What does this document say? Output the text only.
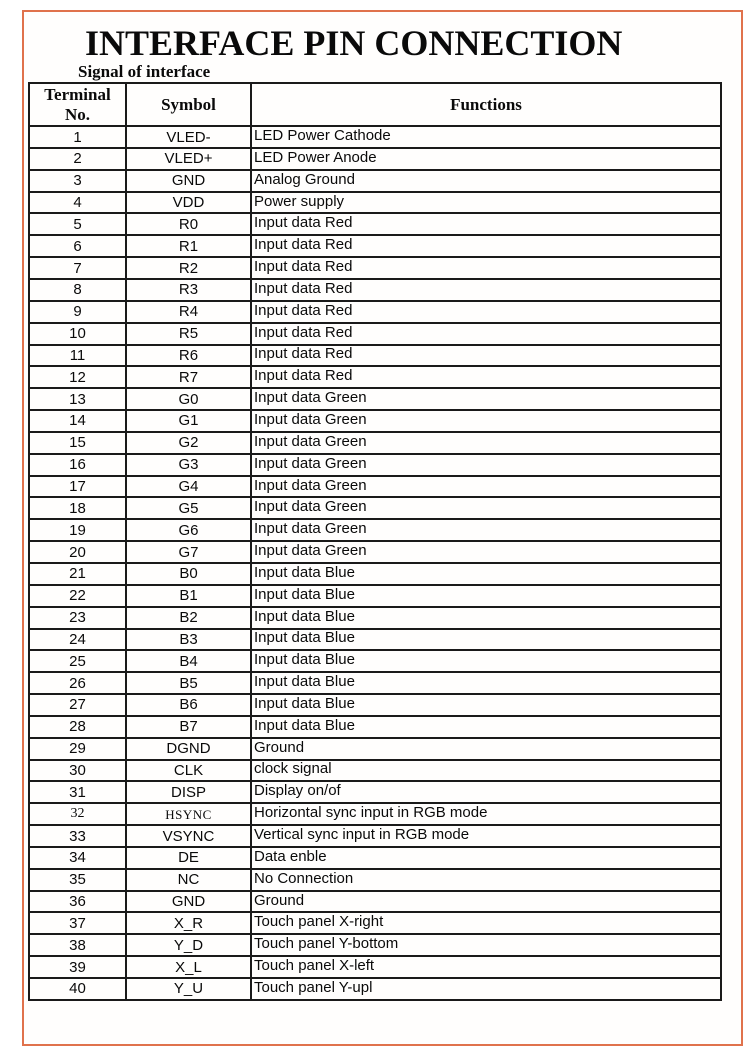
INTERFACE PIN CONNECTION
Signal of interface
Terminal No.	Symbol	Functions
1	VLED-	LED Power Cathode
2	VLED+	LED Power Anode
3	GND	Analog Ground
4	VDD	Power supply
5	R0	Input data Red
6	R1	Input data Red
7	R2	Input data Red
8	R3	Input data Red
9	R4	Input data Red
10	R5	Input data Red
11	R6	Input data Red
12	R7	Input data Red
13	G0	Input data Green
14	G1	Input data Green
15	G2	Input data Green
16	G3	Input data Green
17	G4	Input data Green
18	G5	Input data Green
19	G6	Input data Green
20	G7	Input data Green
21	B0	Input data Blue
22	B1	Input data Blue
23	B2	Input data Blue
24	B3	Input data Blue
25	B4	Input data Blue
26	B5	Input data Blue
27	B6	Input data Blue
28	B7	Input data Blue
29	DGND	Ground
30	CLK	clock signal
31	DISP	Display on/of
32	HSYNC	Horizontal sync input in RGB mode
33	VSYNC	Vertical sync input in RGB mode
34	DE	Data enble
35	NC	No Connection
36	GND	Ground
37	X_R	Touch panel X-right
38	Y_D	Touch panel Y-bottom
39	X_L	Touch panel X-left
40	Y_U	Touch panel Y-upl
